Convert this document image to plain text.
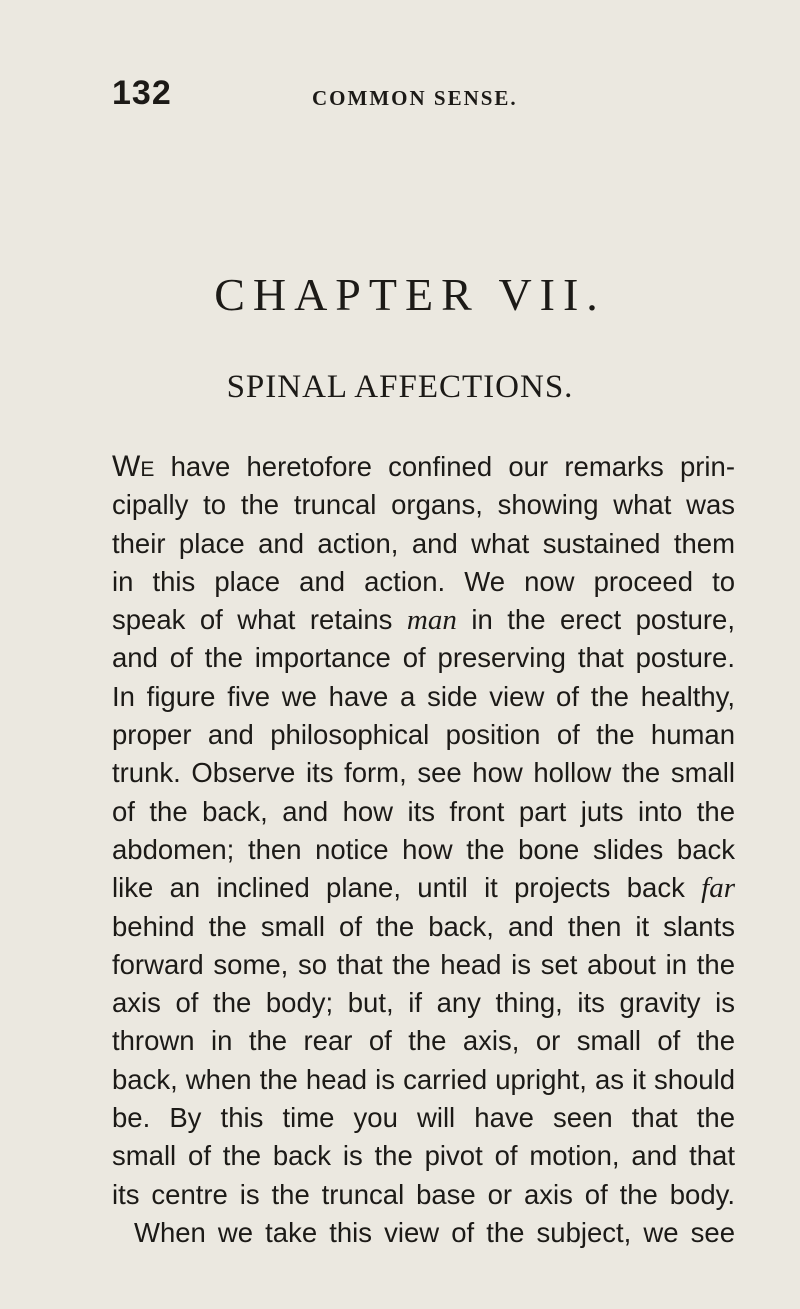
132	COMMON SENSE.
CHAPTER VII.
SPINAL AFFECTIONS.
WE have heretofore confined our remarks prin-
cipally to the truncal organs, showing what was
their place and action, and what sustained them
in this place and action. We now proceed to
speak of what retains man in the erect posture,
and of the importance of preserving that posture.
In figure five we have a side view of the healthy,
proper and philosophical position of the human
trunk. Observe its form, see how hollow the small
of the back, and how its front part juts into the
abdomen; then notice how the bone slides back
like an inclined plane, until it projects back far
behind the small of the back, and then it slants
forward some, so that the head is set about in the
axis of the body; but, if any thing, its gravity is
thrown in the rear of the axis, or small of the
back, when the head is carried upright, as it should
be. By this time you will have seen that the
small of the back is the pivot of motion, and that
its centre is the truncal base or axis of the body.
When we take this view of the subject, we see
